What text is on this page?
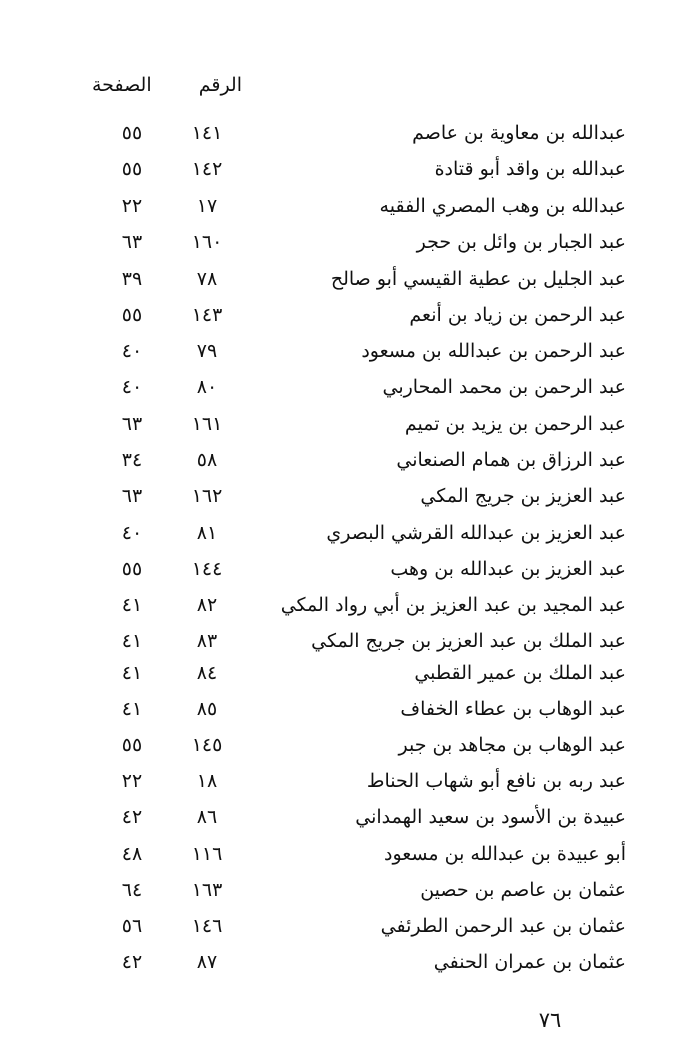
الرقم
الصفحة
عبدالله بن معاوية بن عاصم
١٤١
٥٥
عبدالله بن واقد أبو قتادة
١٤٢
٥٥
عبدالله بن وهب المصري الفقيه
١٧
٢٢
عبد الجبار بن وائل بن حجر
١٦٠
٦٣
عبد الجليل بن عطية القيسي أبو صالح
٧٨
٣٩
عبد الرحمن بن زياد بن أنعم
١٤٣
٥٥
عبد الرحمن بن عبدالله بن مسعود
٧٩
٤٠
عبد الرحمن بن محمد المحاربي
٨٠
٤٠
عبد الرحمن بن يزيد بن تميم
١٦١
٦٣
عبد الرزاق بن همام الصنعاني
٥٨
٣٤
عبد العزيز بن جريج المكي
١٦٢
٦٣
عبد العزيز بن عبدالله القرشي البصري
٨١
٤٠
عبد العزيز بن عبدالله بن وهب
١٤٤
٥٥
عبد المجيد بن عبد العزيز بن أبي رواد المكي
٨٢
٤١
عبد الملك بن عبد العزيز بن جريج المكي
٨٣
٤١
عبد الملك بن عمير القطبي
٨٤
٤١
عبد الوهاب بن عطاء الخفاف
٨٥
٤١
عبد الوهاب بن مجاهد بن جبر
١٤٥
٥٥
عبد ربه بن نافع أبو شهاب الحناط
١٨
٢٢
عبيدة بن الأسود بن سعيد الهمداني
٨٦
٤٢
أبو عبيدة بن عبدالله بن مسعود
١١٦
٤٨
عثمان بن عاصم بن حصين
١٦٣
٦٤
عثمان بن عبد الرحمن الطرئفي
١٤٦
٥٦
عثمان بن عمران الحنفي
٨٧
٤٢
٧٦
